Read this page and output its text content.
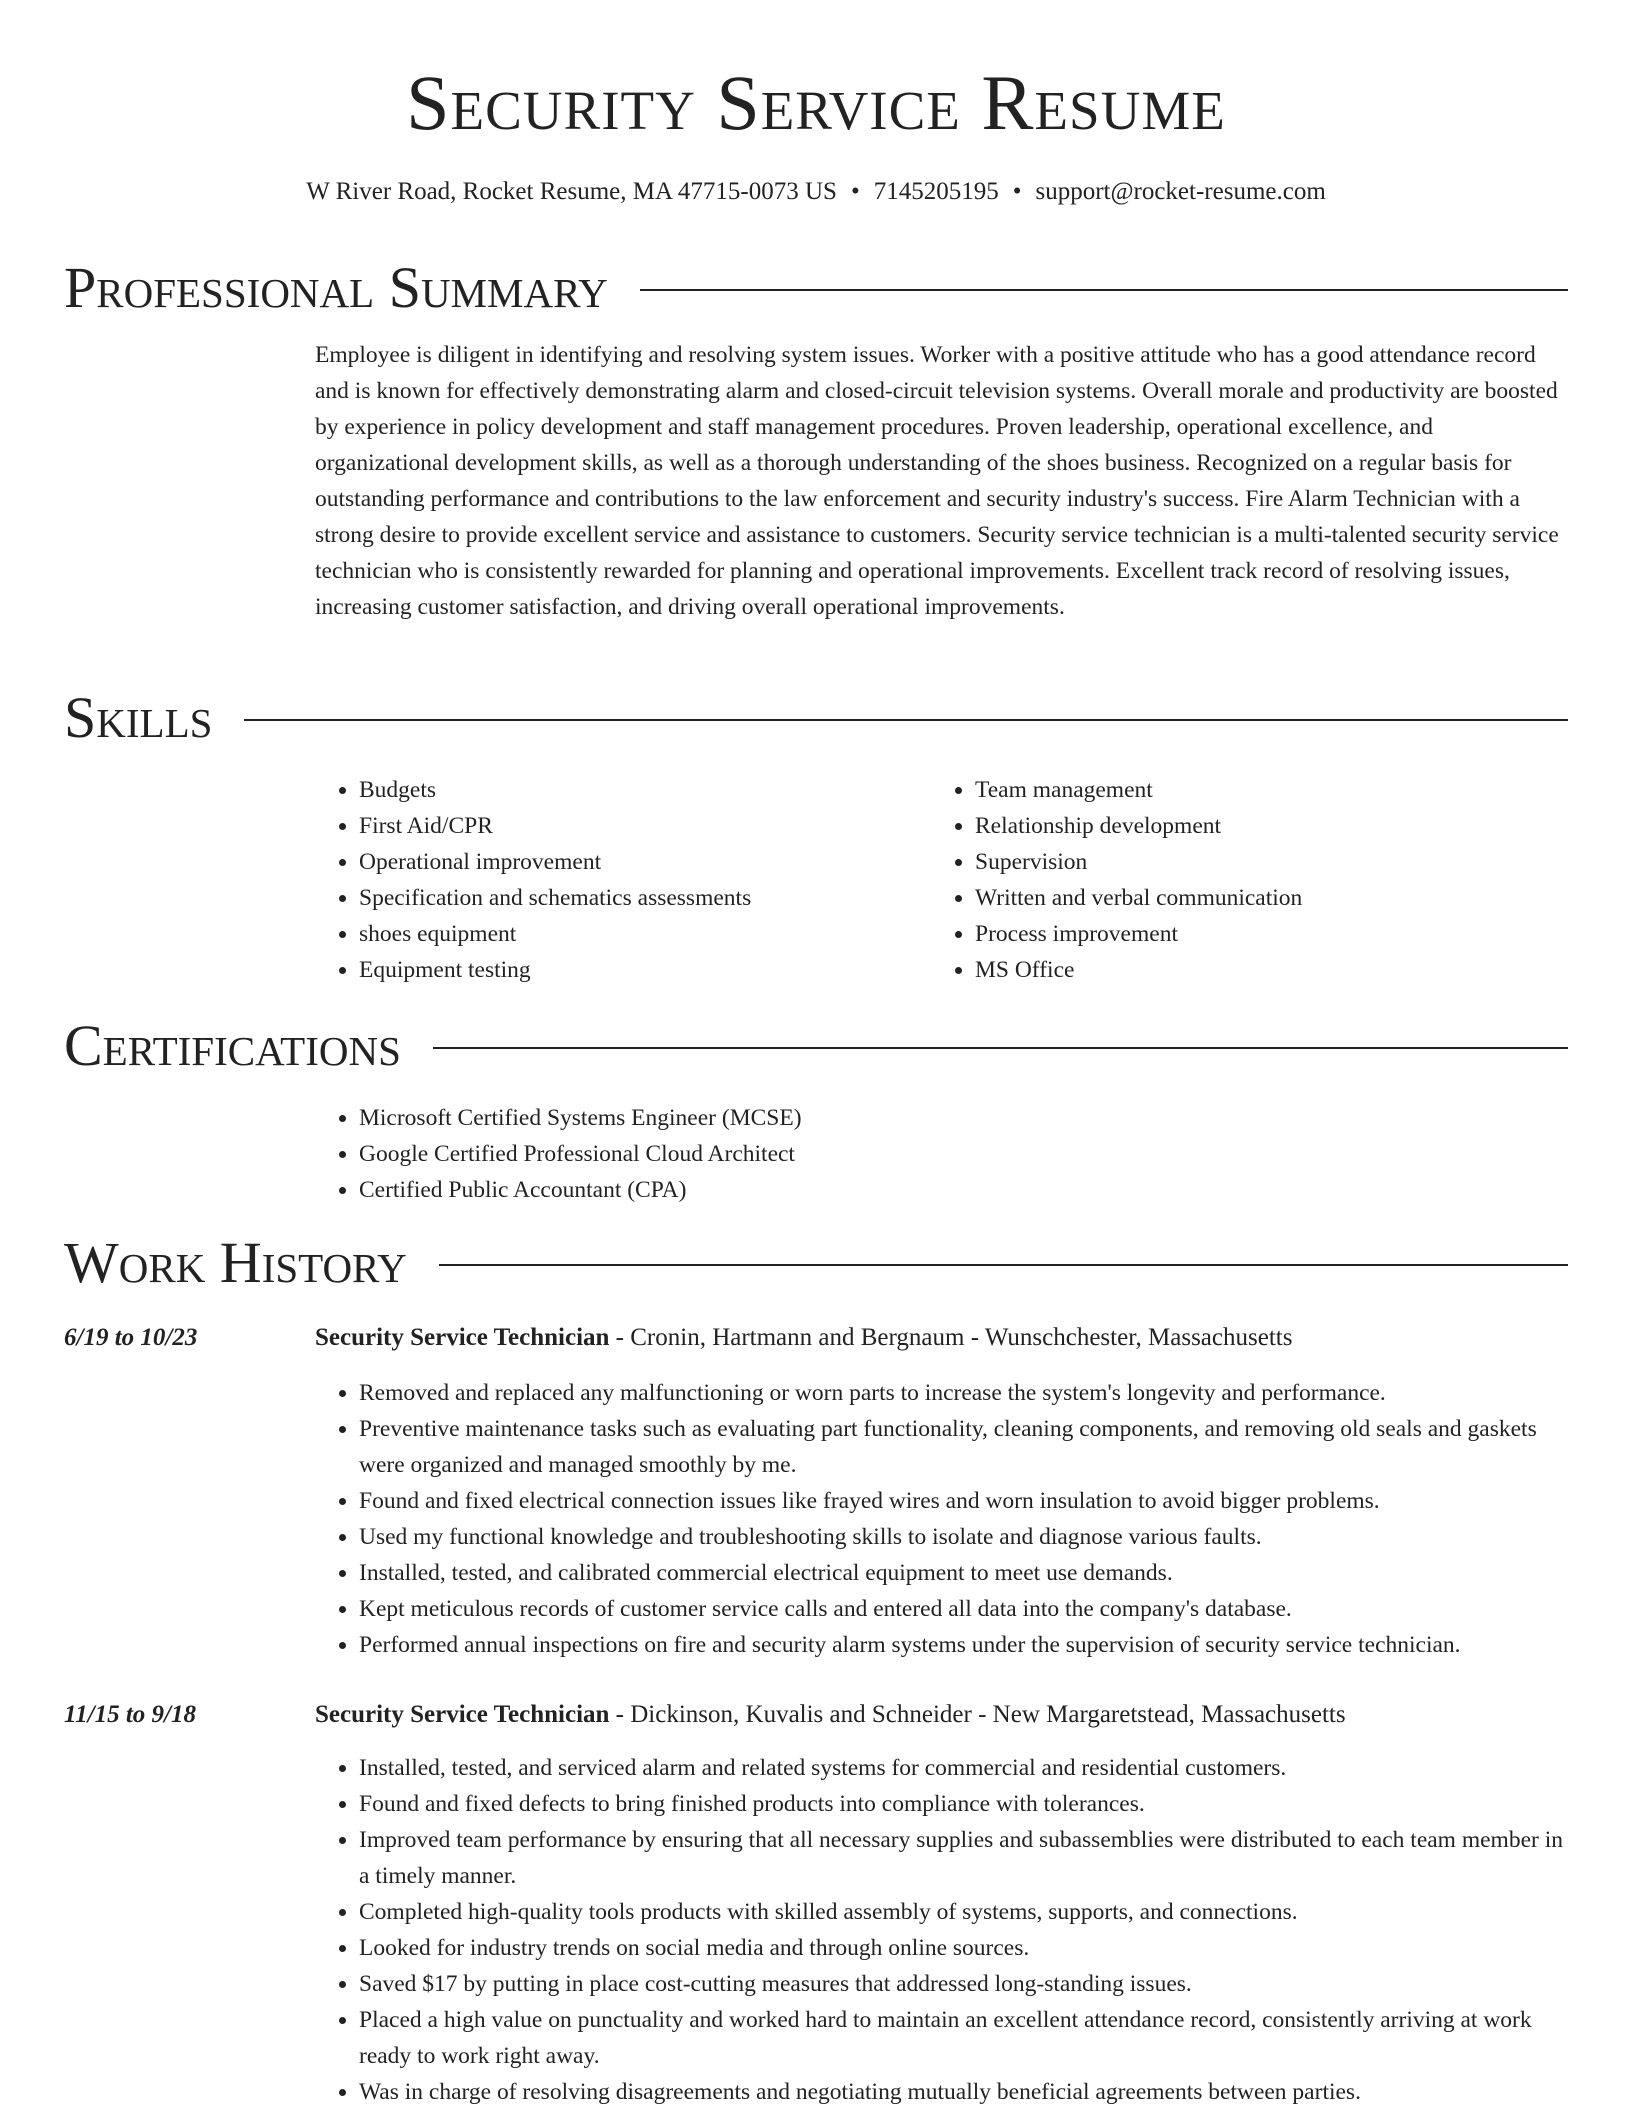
Security Service Resume
W River Road, Rocket Resume, MA 47715-0073 US • 7145205195 • support@rocket-resume.com
Professional Summary

Employee is diligent in identifying and resolving system issues. Worker with a positive attitude who has a good attendance record and is known for effectively demonstrating alarm and closed-circuit television systems. Overall morale and productivity are boosted by experience in policy development and staff management procedures. Proven leadership, operational excellence, and organizational development skills, as well as a thorough understanding of the shoes business. Recognized on a regular basis for outstanding performance and contributions to the law enforcement and security industry's success. Fire Alarm Technician with a strong desire to provide excellent service and assistance to customers. Security service technician is a multi-talented security service technician who is consistently rewarded for planning and operational improvements. Excellent track record of resolving issues, increasing customer satisfaction, and driving overall operational improvements.

Skills
• Budgets
• First Aid/CPR
• Operational improvement
• Specification and schematics assessments
• shoes equipment
• Equipment testing
• Team management
• Relationship development
• Supervision
• Written and verbal communication
• Process improvement
• MS Office
Certifications
• Microsoft Certified Systems Engineer (MCSE)
• Google Certified Professional Cloud Architect
• Certified Public Accountant (CPA)
Work History
6/19 to 10/23	Security Service Technician - Cronin, Hartmann and Bergnaum - Wunschchester, Massachusetts
• Removed and replaced any malfunctioning or worn parts to increase the system's longevity and performance.
• Preventive maintenance tasks such as evaluating part functionality, cleaning components, and removing old seals and gaskets were organized and managed smoothly by me.
• Found and fixed electrical connection issues like frayed wires and worn insulation to avoid bigger problems.
• Used my functional knowledge and troubleshooting skills to isolate and diagnose various faults.
• Installed, tested, and calibrated commercial electrical equipment to meet use demands.
• Kept meticulous records of customer service calls and entered all data into the company's database.
• Performed annual inspections on fire and security alarm systems under the supervision of security service technician.
11/15 to 9/18	Security Service Technician - Dickinson, Kuvalis and Schneider - New Margaretstead, Massachusetts
• Installed, tested, and serviced alarm and related systems for commercial and residential customers.
• Found and fixed defects to bring finished products into compliance with tolerances.
• Improved team performance by ensuring that all necessary supplies and subassemblies were distributed to each team member in a timely manner.
• Completed high-quality tools products with skilled assembly of systems, supports, and connections.
• Looked for industry trends on social media and through online sources.
• Saved $17 by putting in place cost-cutting measures that addressed long-standing issues.
• Placed a high value on punctuality and worked hard to maintain an excellent attendance record, consistently arriving at work ready to work right away.
• Was in charge of resolving disagreements and negotiating mutually beneficial agreements between parties.
